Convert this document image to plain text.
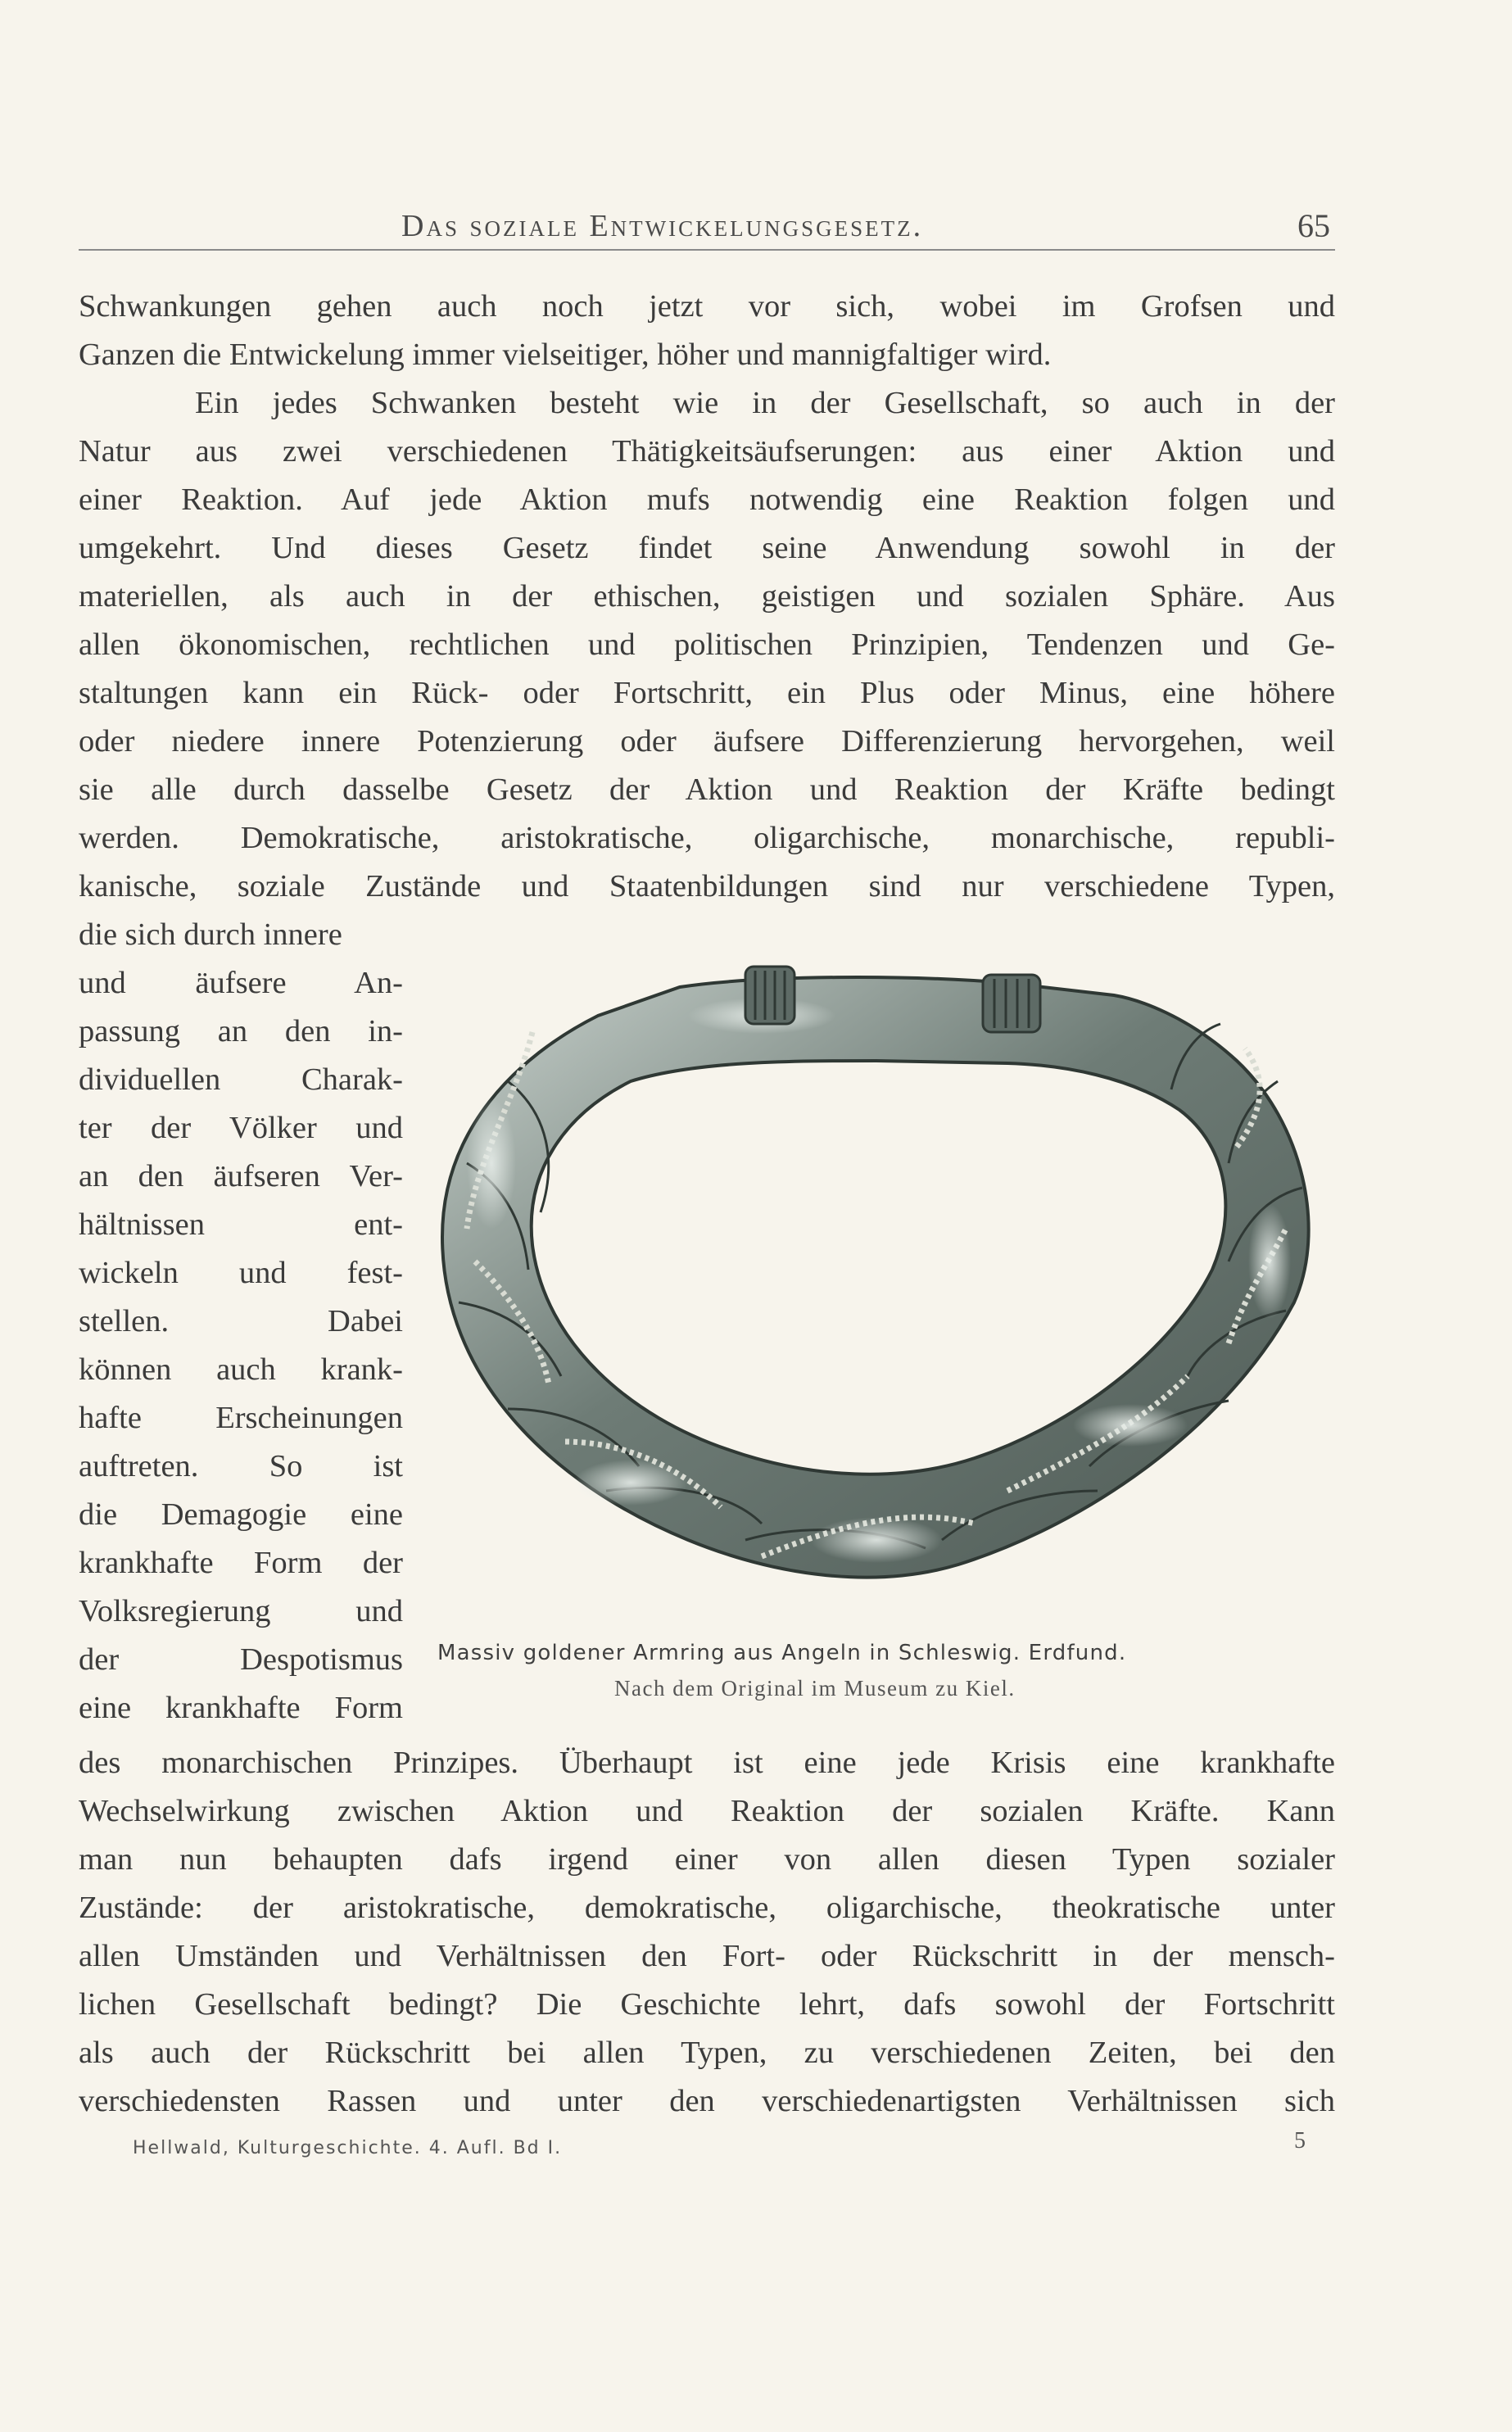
Das soziale Entwickelungsgesetz.	65
Schwankungen gehen auch noch jetzt vor sich, wobei im Grofsen und
Ganzen die Entwickelung immer vielseitiger, höher und mannigfaltiger wird.
Ein jedes Schwanken besteht wie in der Gesellschaft, so auch in der
Natur aus zwei verschiedenen Thätigkeitsäufserungen: aus einer Aktion und
einer Reaktion. Auf jede Aktion mufs notwendig eine Reaktion folgen und
umgekehrt. Und dieses Gesetz findet seine Anwendung sowohl in der
materiellen, als auch in der ethischen, geistigen und sozialen Sphäre. Aus
allen ökonomischen, rechtlichen und politischen Prinzipien, Tendenzen und Ge-
staltungen kann ein Rück- oder Fortschritt, ein Plus oder Minus, eine höhere
oder niedere innere Potenzierung oder äufsere Differenzierung hervorgehen, weil
sie alle durch dasselbe Gesetz der Aktion und Reaktion der Kräfte bedingt
werden. Demokratische, aristokratische, oligarchische, monarchische, republi-
kanische, soziale Zustände und Staatenbildungen sind nur verschiedene Typen,
die sich durch innere
und äufsere An-
passung an den in-
dividuellen Charak-
ter der Völker und
an den äufseren Ver-
hältnissen ent-
wickeln und fest-
stellen. Dabei
können auch krank-
hafte Erscheinungen
auftreten. So ist
die Demagogie eine
krankhafte Form der
Volksregierung und
der Despotismus
eine krankhafte Form
Massiv goldener Armring aus Angeln in Schleswig. Erdfund.
Nach dem Original im Museum zu Kiel.
des monarchischen Prinzipes. Überhaupt ist eine jede Krisis eine krankhafte
Wechselwirkung zwischen Aktion und Reaktion der sozialen Kräfte. Kann
man nun behaupten dafs irgend einer von allen diesen Typen sozialer
Zustände: der aristokratische, demokratische, oligarchische, theokratische unter
allen Umständen und Verhältnissen den Fort- oder Rückschritt in der mensch-
lichen Gesellschaft bedingt? Die Geschichte lehrt, dafs sowohl der Fortschritt
als auch der Rückschritt bei allen Typen, zu verschiedenen Zeiten, bei den
verschiedensten Rassen und unter den verschiedenartigsten Verhältnissen sich
Hellwald, Kulturgeschichte. 4. Aufl. Bd I.	5
